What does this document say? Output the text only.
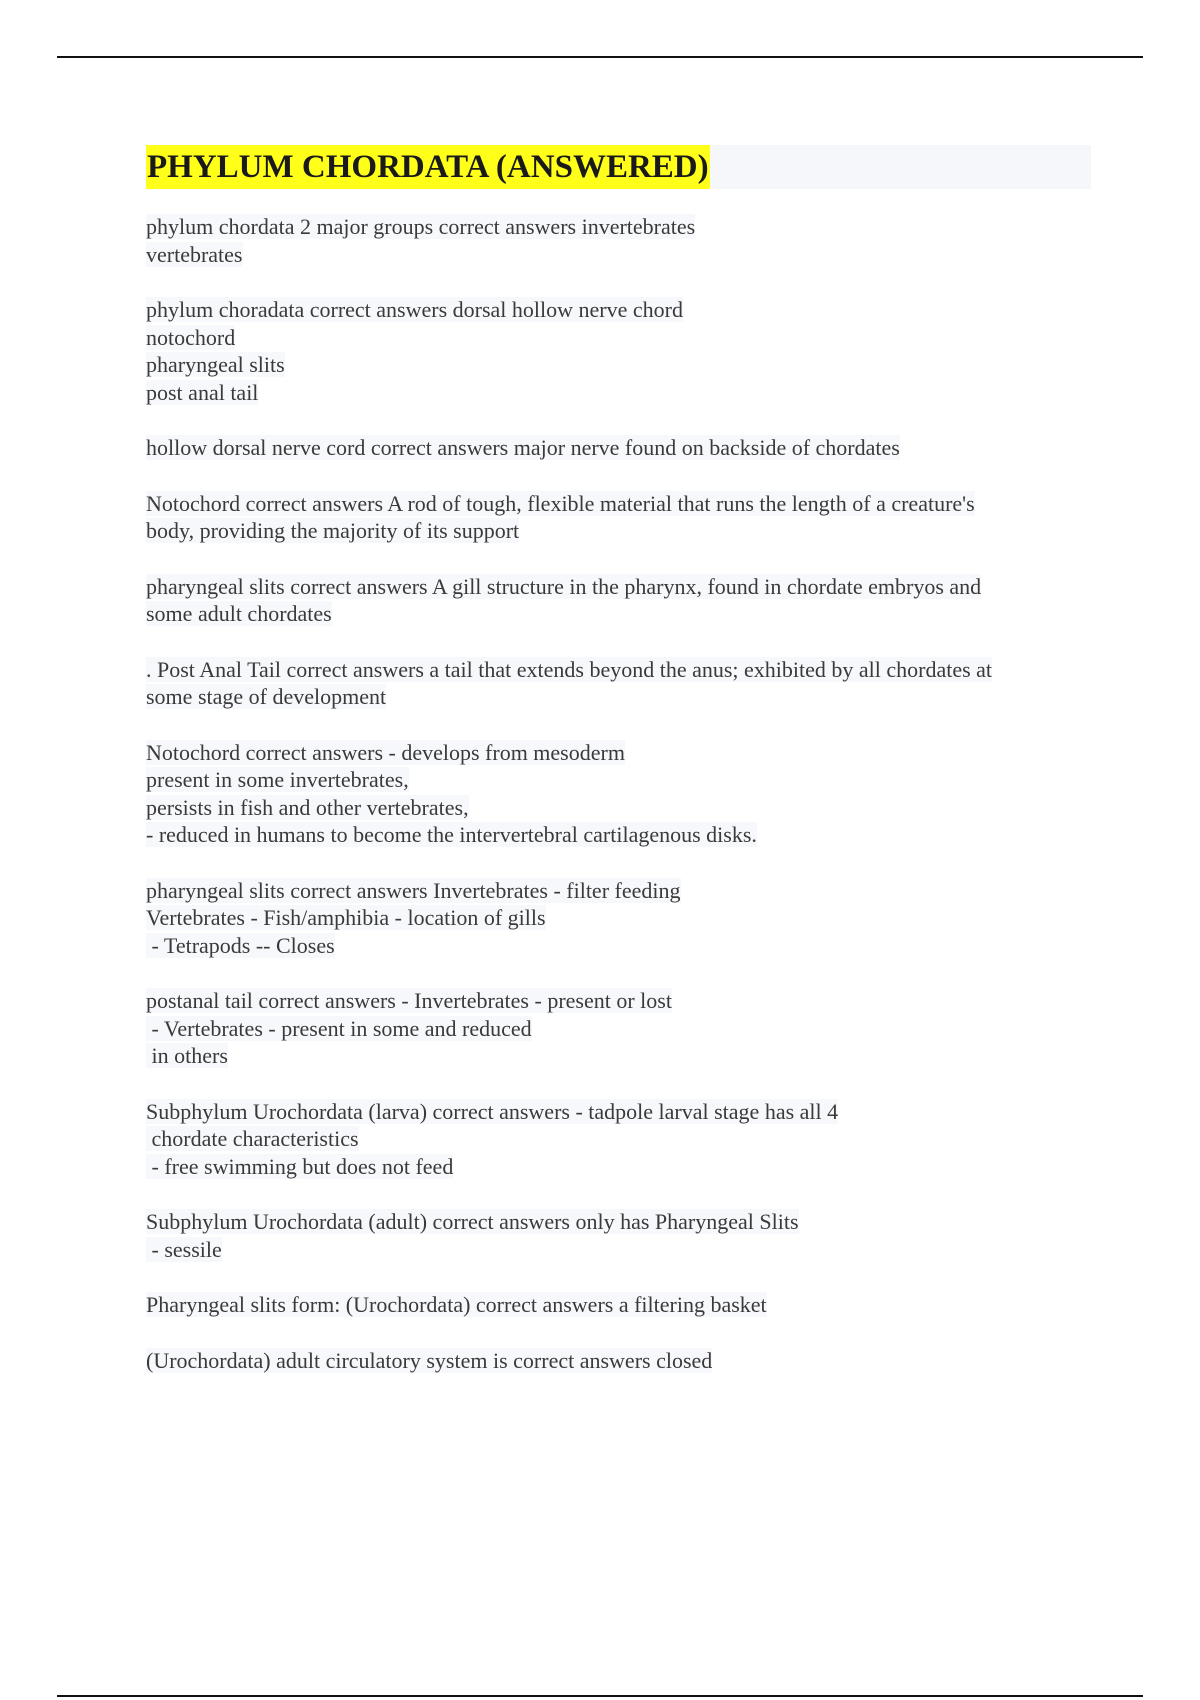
PHYLUM CHORDATA (ANSWERED)
phylum chordata 2 major groups correct answers invertebrates
vertebrates
phylum choradata correct answers dorsal hollow nerve chord
notochord
pharyngeal slits
post anal tail
hollow dorsal nerve cord correct answers major nerve found on backside of chordates
Notochord correct answers A rod of tough, flexible material that runs the length of a creature's
body, providing the majority of its support
pharyngeal slits correct answers A gill structure in the pharynx, found in chordate embryos and
some adult chordates
. Post Anal Tail correct answers a tail that extends beyond the anus; exhibited by all chordates at
some stage of development
Notochord correct answers - develops from mesoderm
present in some invertebrates,
persists in fish and other vertebrates,
- reduced in humans to become the intervertebral cartilagenous disks.
pharyngeal slits correct answers Invertebrates - filter feeding
Vertebrates - Fish/amphibia - location of gills
- Tetrapods -- Closes
postanal tail correct answers - Invertebrates - present or lost
- Vertebrates - present in some and reduced
in others
Subphylum Urochordata (larva) correct answers - tadpole larval stage has all 4
chordate characteristics
- free swimming but does not feed
Subphylum Urochordata (adult) correct answers only has Pharyngeal Slits
- sessile
Pharyngeal slits form: (Urochordata) correct answers a filtering basket
(Urochordata) adult circulatory system is correct answers closed
